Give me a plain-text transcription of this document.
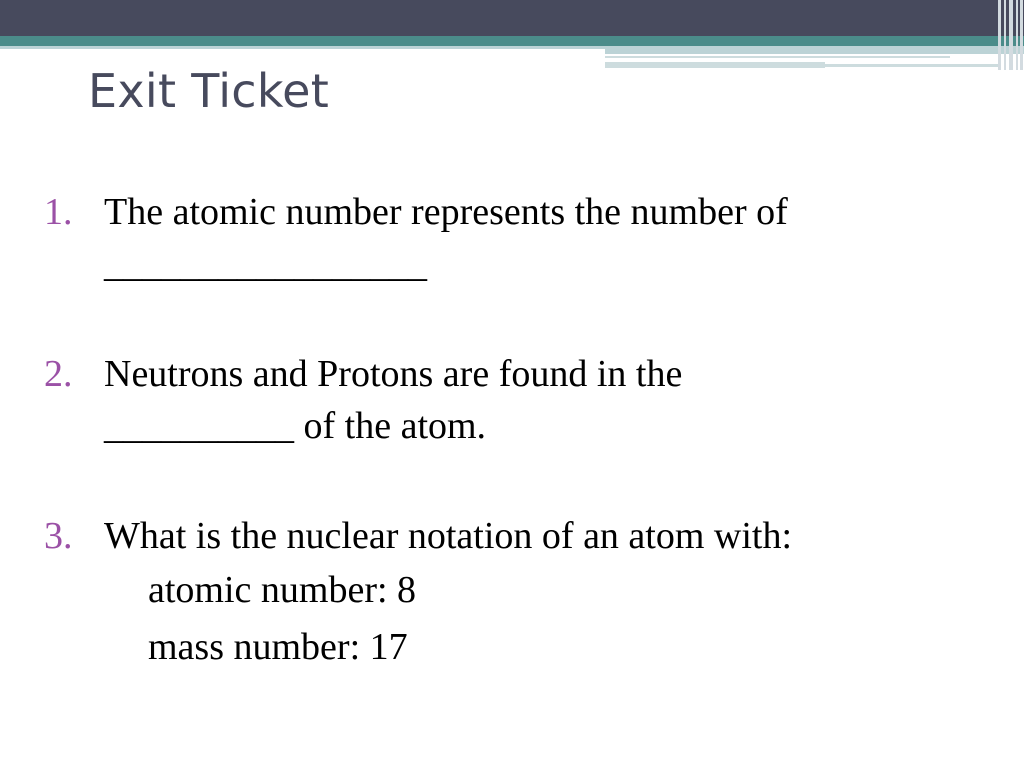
Exit Ticket
1. The atomic number represents the number of
_________________
2. Neutrons and Protons are found in the
__________ of the atom.
3. What is the nuclear notation of an atom with:
atomic number: 8
mass number: 17
